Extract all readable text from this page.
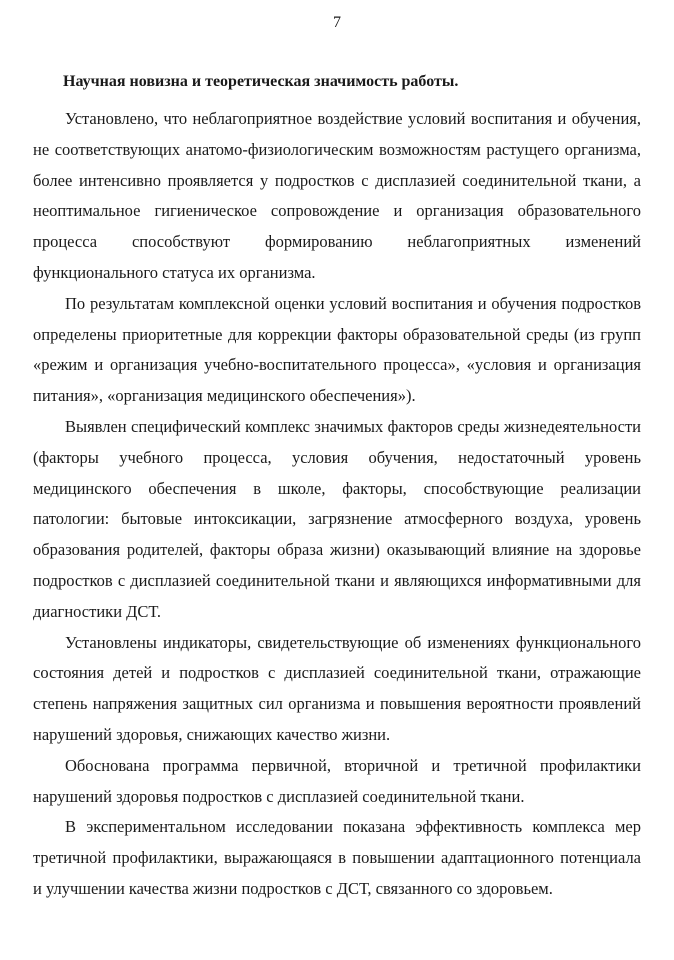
7

Научная новизна и теоретическая значимость работы.

Установлено, что неблагоприятное воздействие условий воспитания и обучения, не соответствующих анатомо-физиологическим возможностям растущего организма, более интенсивно проявляется у подростков с дисплазией соединительной ткани, а неоптимальное гигиеническое сопровождение и организация образовательного процесса способствуют формированию неблагоприятных изменений функционального статуса их организма.

По результатам комплексной оценки условий воспитания и обучения подростков определены приоритетные для коррекции факторы образовательной среды (из групп «режим и организация учебно-воспитательного процесса», «условия и организация питания», «организация медицинского обеспечения»).

Выявлен специфический комплекс значимых факторов среды жизнедеятельности (факторы учебного процесса, условия обучения, недостаточный уровень медицинского обеспечения в школе, факторы, способствующие реализации патологии: бытовые интоксикации, загрязнение атмосферного воздуха, уровень образования родителей, факторы образа жизни) оказывающий влияние на здоровье подростков с дисплазией соединительной ткани и являющихся информативными для диагностики ДСТ.

Установлены индикаторы, свидетельствующие об изменениях функционального состояния детей и подростков с дисплазией соединительной ткани, отражающие степень напряжения защитных сил организма и повышения вероятности проявлений нарушений здоровья, снижающих качество жизни.

Обоснована программа первичной, вторичной и третичной профилактики нарушений здоровья подростков с дисплазией соединительной ткани.

В экспериментальном исследовании показана эффективность комплекса мер третичной профилактики, выражающаяся в повышении адаптационного потенциала и улучшении качества жизни подростков с ДСТ, связанного со здоровьем.
